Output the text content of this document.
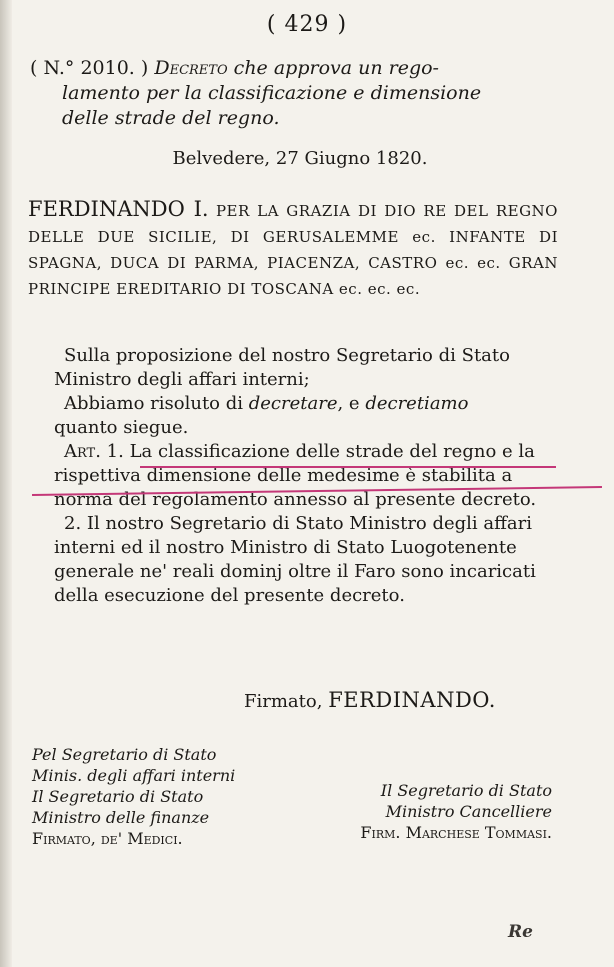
( 429 )
( N.° 2010. ) Decreto che approva un rego-
lamento per la classificazione e dimensione
delle strade del regno.
Belvedere, 27 Giugno 1820.
FERDINANDO I. PER LA GRAZIA DI DIO RE DEL REGNO DELLE DUE SICILIE, DI GERUSALEMME ec. INFANTE DI SPAGNA, DUCA DI PARMA, PIACENZA, CASTRO ec. ec. GRAN PRINCIPE EREDITARIO DI TOSCANA ec. ec. ec.

Sulla proposizione del nostro Segretario di Stato

Ministro degli affari interni;

Abbiamo risoluto di decretare, e decretiamo

quanto siegue.

Art. 1. La classificazione delle strade del regno e la rispettiva dimensione delle medesime è stabilita a norma del regolamento annesso al presente decreto.

2. Il nostro Segretario di Stato Ministro degli affari interni ed il nostro Ministro di Stato Luogotenente generale ne' reali dominj oltre il Faro sono incaricati della esecuzione del presente decreto.

Firmato, FERDINANDO.
Pel Segretario di Stato
Minis. degli affari interni
Il Segretario di Stato
Ministro delle finanze
Firmato, de' Medici.
Il Segretario di Stato
Ministro Cancelliere
Firm. Marchese Tommasi.
Re
